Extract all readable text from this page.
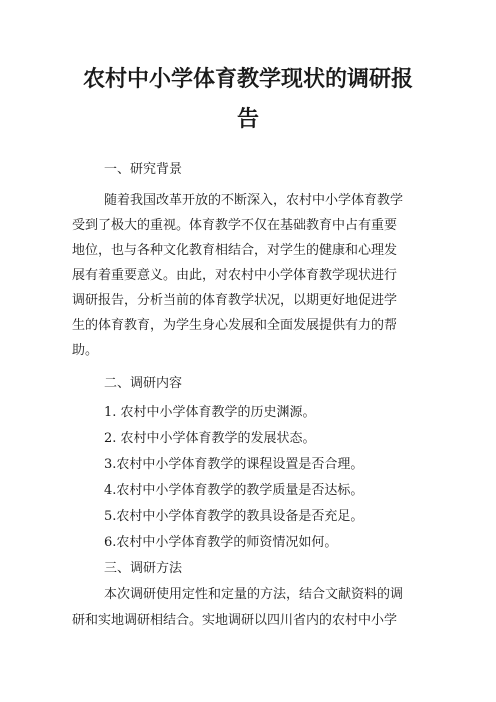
农村中小学体育教学现状的调研报
告
一、研究背景
随着我国改革开放的不断深入，农村中小学体育教学
受到了极大的重视。体育教学不仅在基础教育中占有重要
地位，也与各种文化教育相结合，对学生的健康和心理发
展有着重要意义。由此，对农村中小学体育教学现状进行
调研报告，分析当前的体育教学状况，以期更好地促进学
生的体育教育，为学生身心发展和全面发展提供有力的帮
助。
二、调研内容
1. 农村中小学体育教学的历史渊源。
2. 农村中小学体育教学的发展状态。
3.农村中小学体育教学的课程设置是否合理。
4.农村中小学体育教学的教学质量是否达标。
5.农村中小学体育教学的教具设备是否充足。
6.农村中小学体育教学的师资情况如何。
三、调研方法
本次调研使用定性和定量的方法，结合文献资料的调
研和实地调研相结合。实地调研以四川省内的农村中小学
